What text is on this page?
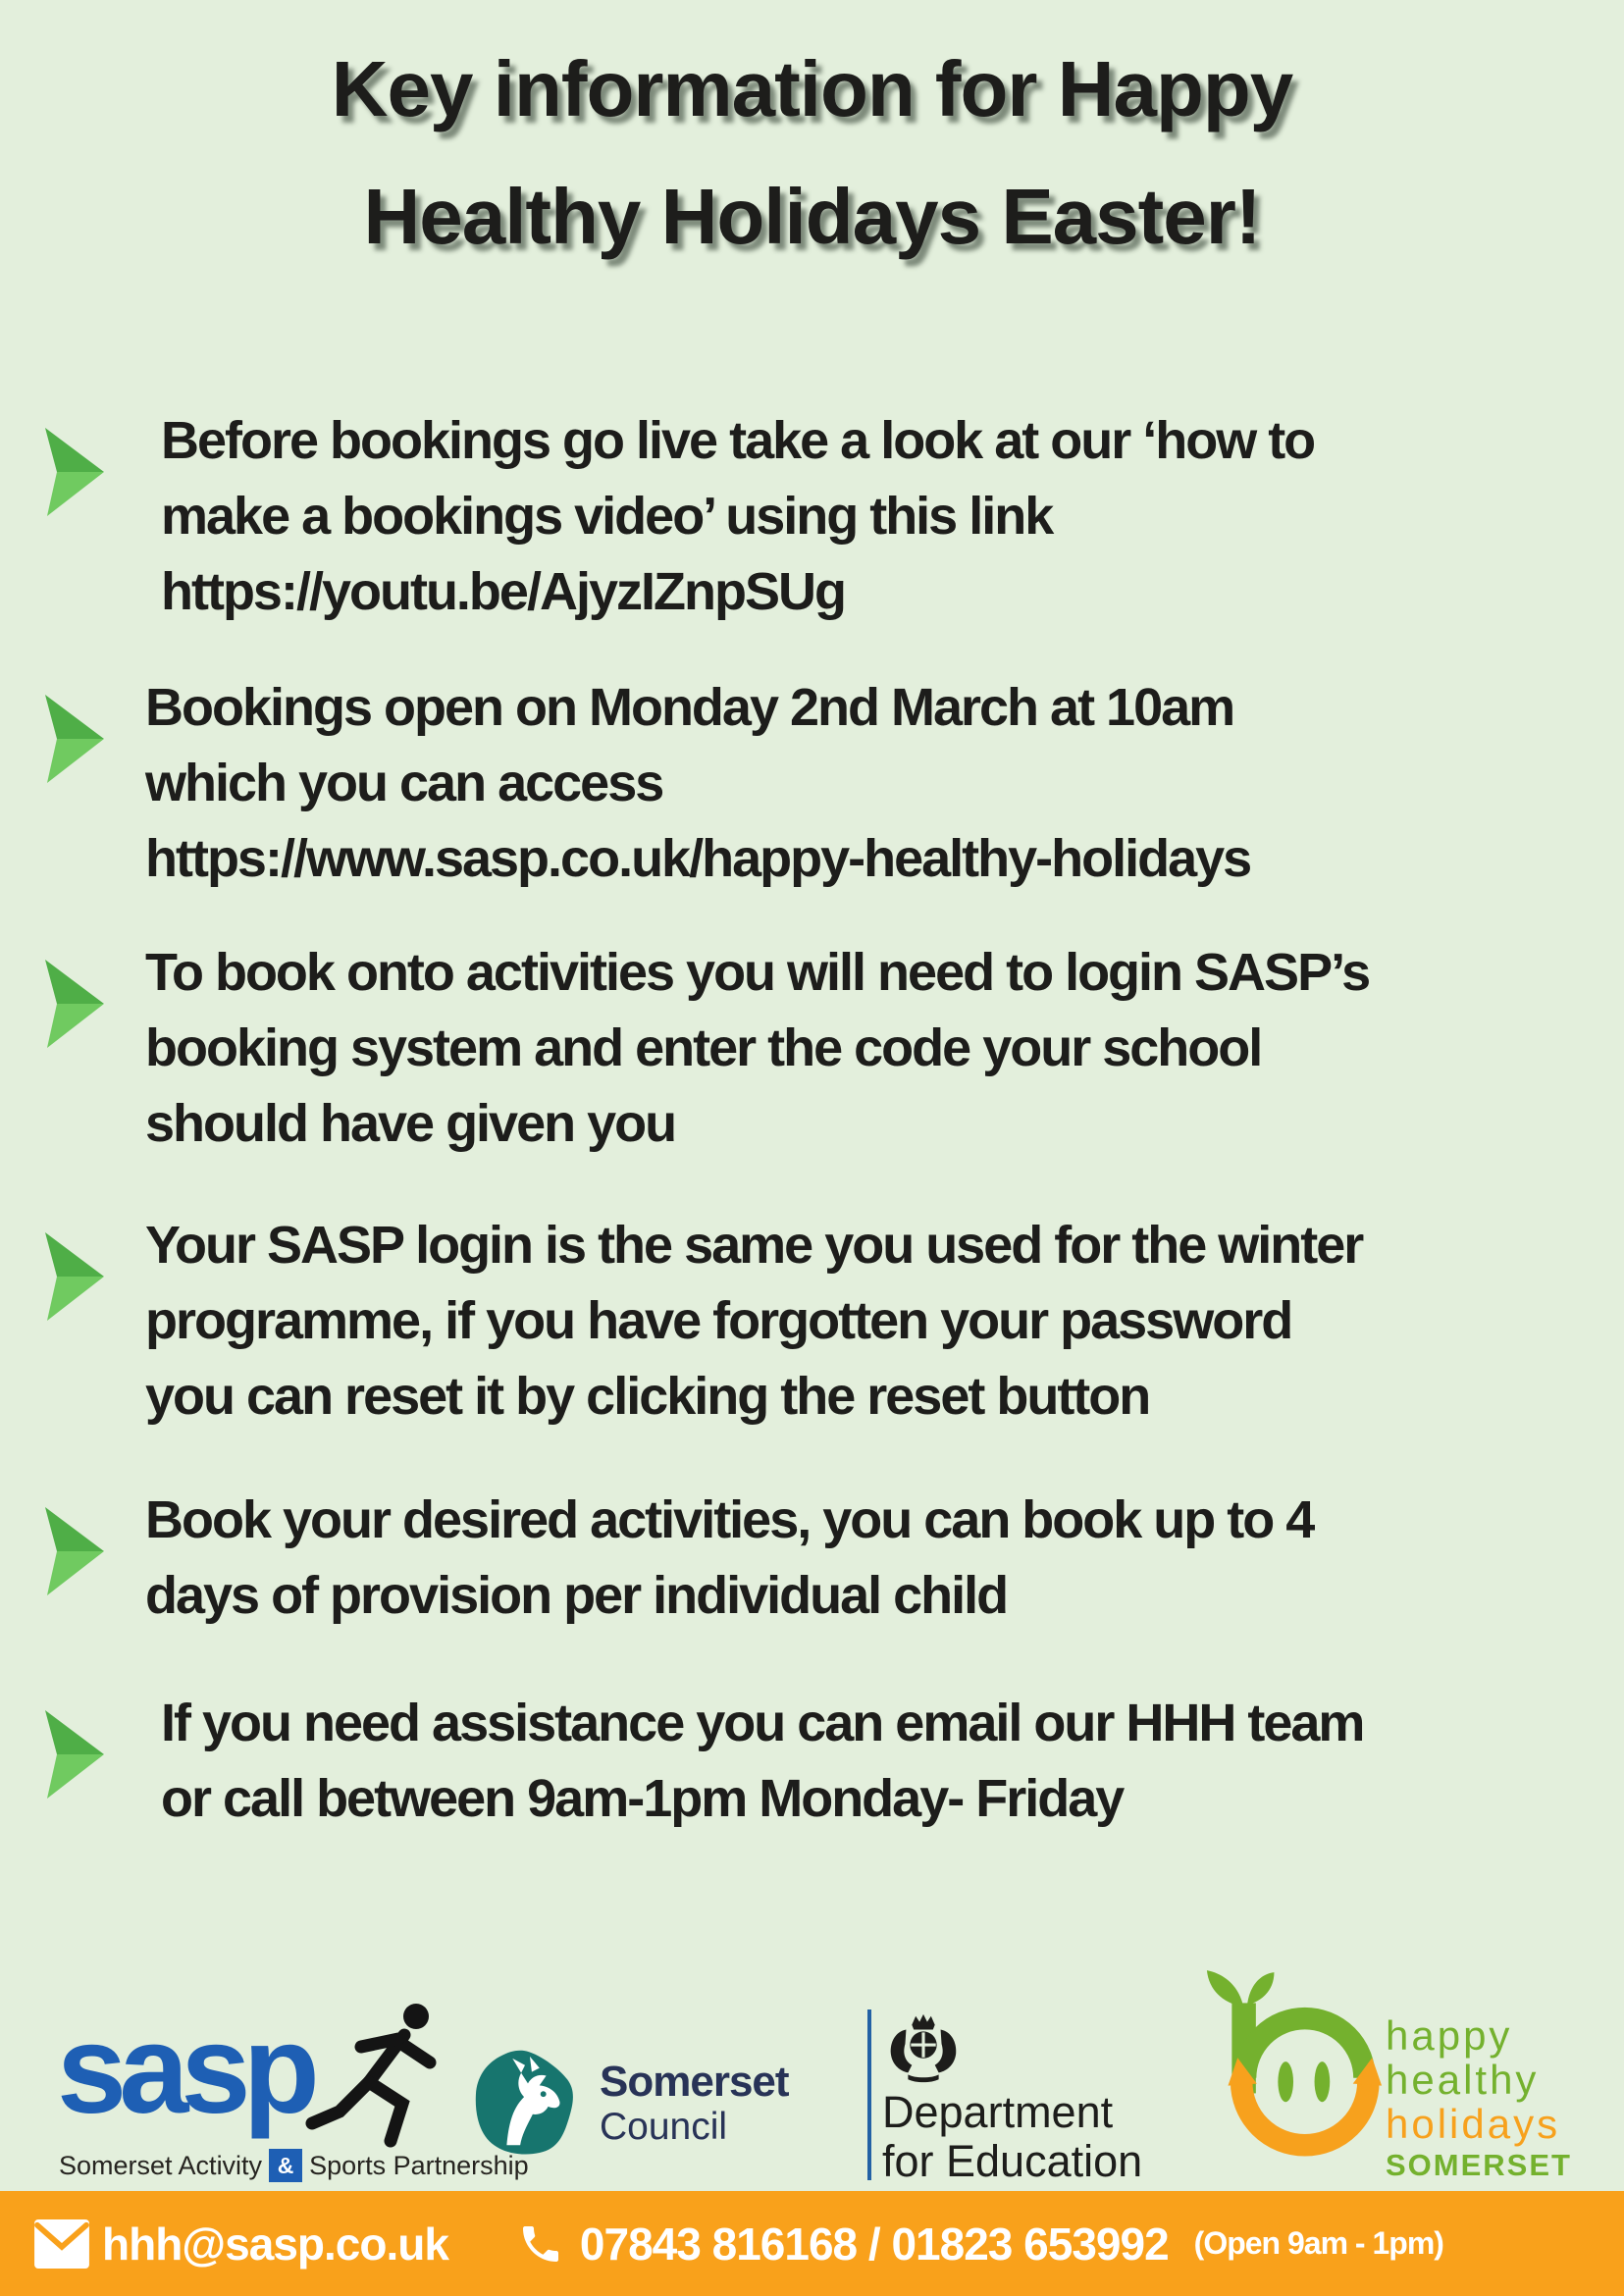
Key information for Happy
Healthy Holidays Easter!
Before bookings go live take a look at our ‘how to
make a bookings video’ using this link
https://youtu.be/AjyzIZnpSUg
Bookings open on Monday 2nd March at 10am
which you can access
https://www.sasp.co.uk/happy-healthy-holidays
To book onto activities you will need to login SASP’s
booking system and enter the code your school
should have given you
Your SASP login is the same you used for the winter
programme, if you have forgotten your password
you can reset it by clicking the reset button
Book your desired activities, you can book up to 4
days of provision per individual child
If you need assistance you can email our HHH team
or call between 9am-1pm Monday- Friday
sasp
Somerset Activity & Sports Partnership
Somerset
Council	Department
for Education
happy
healthy
holidays
SOMERSET
hhh@sasp.co.uk	07843 816168 / 01823 653992 (Open 9am - 1pm)
